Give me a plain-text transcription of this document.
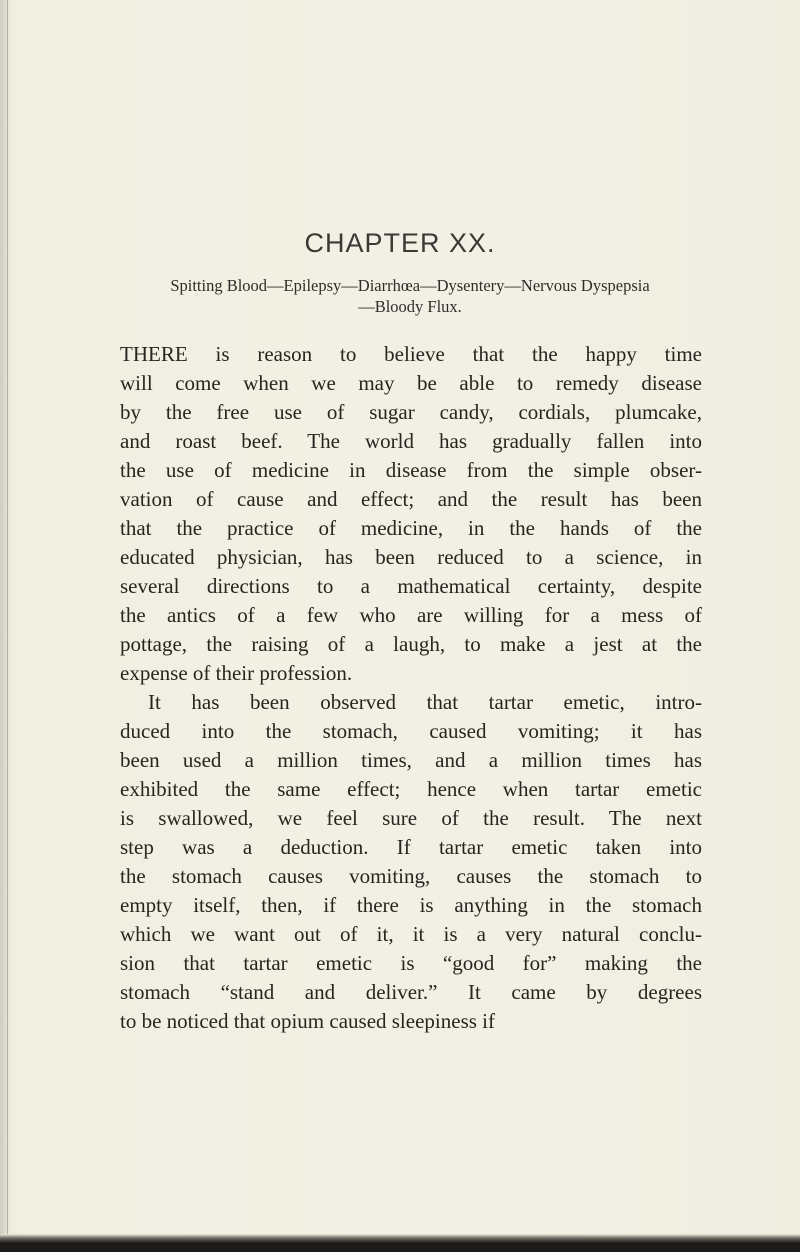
CHAPTER XX.
Spitting Blood—Epilepsy—Diarrhœa—Dysentery—Nervous Dyspepsia
—Bloody Flux.
THERE is reason to believe that the happy time
will come when we may be able to remedy disease
by the free use of sugar candy, cordials, plumcake,
and roast beef. The world has gradually fallen into
the use of medicine in disease from the simple obser-
vation of cause and effect; and the result has been
that the practice of medicine, in the hands of the
educated physician, has been reduced to a science, in
several directions to a mathematical certainty, despite
the antics of a few who are willing for a mess of
pottage, the raising of a laugh, to make a jest at the
expense of their profession.
It has been observed that tartar emetic, intro-
duced into the stomach, caused vomiting; it has
been used a million times, and a million times has
exhibited the same effect; hence when tartar emetic
is swallowed, we feel sure of the result. The next
step was a deduction. If tartar emetic taken into
the stomach causes vomiting, causes the stomach to
empty itself, then, if there is anything in the stomach
which we want out of it, it is a very natural conclu-
sion that tartar emetic is “good for” making the
stomach “stand and deliver.” It came by degrees
to be noticed that opium caused sleepiness if
